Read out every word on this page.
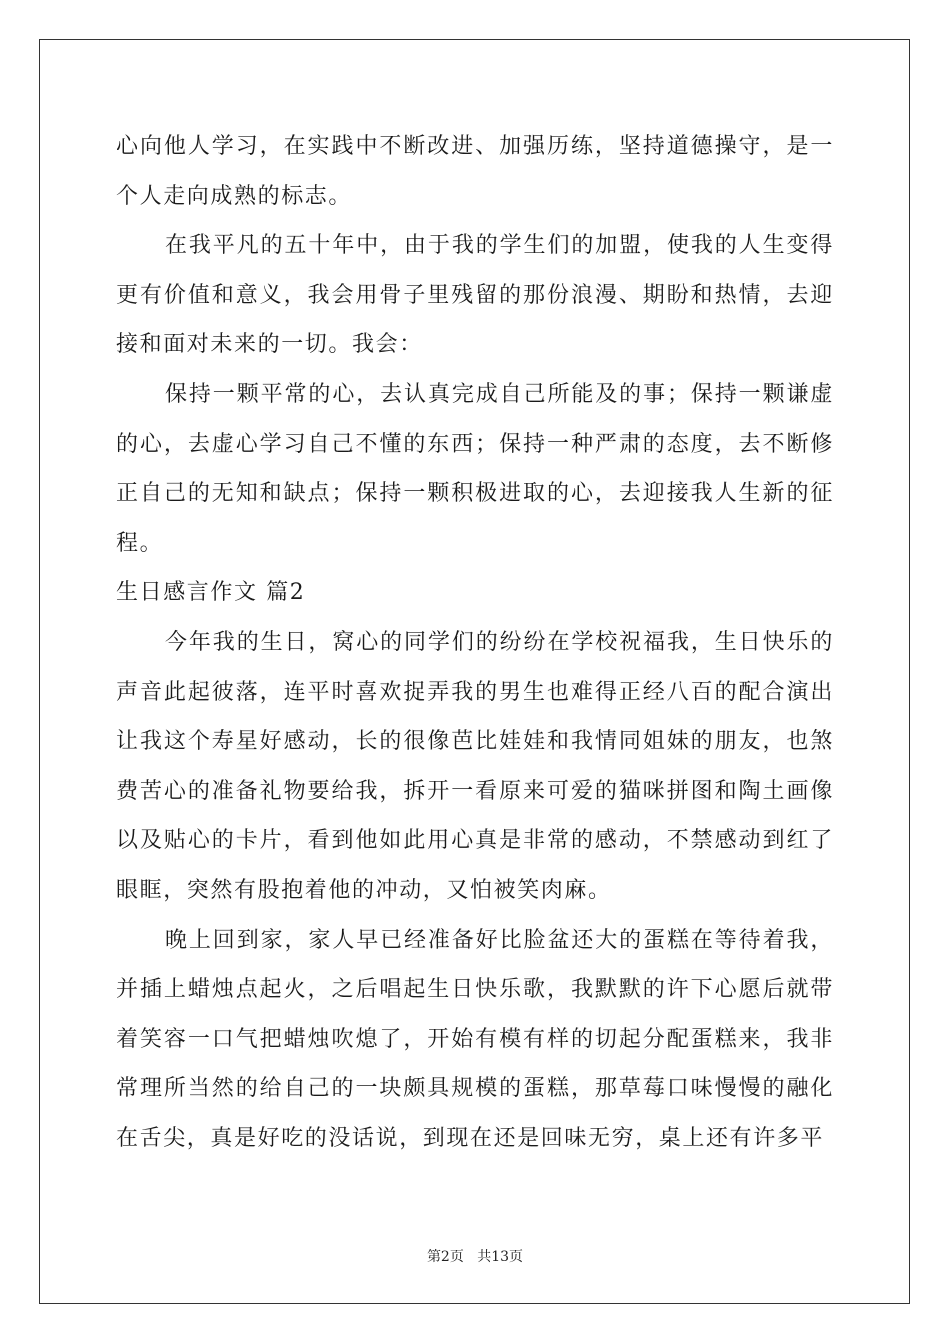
心向他人学习，在实践中不断改进、加强历练，坚持道德操守，是一个人走向成熟的标志。

在我平凡的五十年中，由于我的学生们的加盟，使我的人生变得更有价值和意义，我会用骨子里残留的那份浪漫、期盼和热情，去迎接和面对未来的一切。我会：

保持一颗平常的心，去认真完成自己所能及的事；保持一颗谦虚的心，去虚心学习自己不懂的东西；保持一种严肃的态度，去不断修正自己的无知和缺点；保持一颗积极进取的心，去迎接我人生新的征程。

生日感言作文 篇2

今年我的生日，窝心的同学们的纷纷在学校祝福我，生日快乐的声音此起彼落，连平时喜欢捉弄我的男生也难得正经八百的配合演出让我这个寿星好感动，长的很像芭比娃娃和我情同姐妹的朋友，也煞费苦心的准备礼物要给我，拆开一看原来可爱的猫咪拼图和陶土画像以及贴心的卡片，看到他如此用心真是非常的感动，不禁感动到红了眼眶，突然有股抱着他的冲动，又怕被笑肉麻。

晚上回到家，家人早已经准备好比脸盆还大的蛋糕在等待着我，并插上蜡烛点起火，之后唱起生日快乐歌，我默默的许下心愿后就带着笑容一口气把蜡烛吹熄了，开始有模有样的切起分配蛋糕来，我非常理所当然的给自己的一块颇具规模的蛋糕，那草莓口味慢慢的融化在舌尖，真是好吃的没话说，到现在还是回味无穷，桌上还有许多平

第2页 共13页
